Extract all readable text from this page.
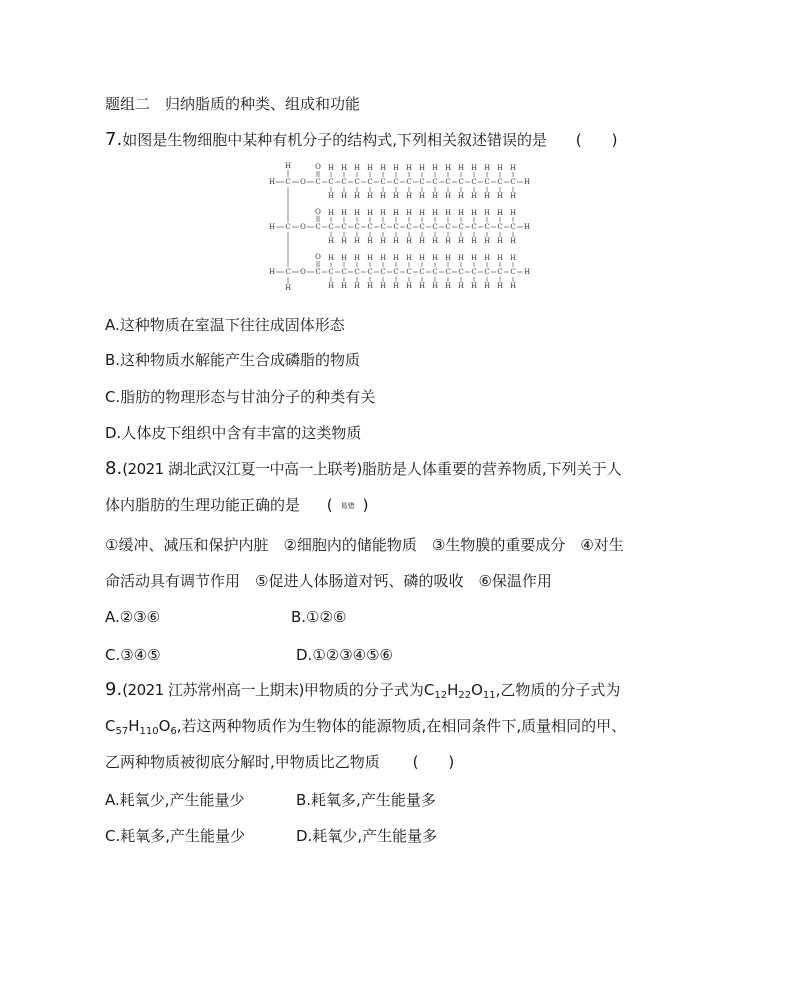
题组二　归纳脂质的种类、组成和功能
7.如图是生物细胞中某种有机分子的结构式,下列相关叙述错误的是 (　　)
H
H
H C O C
O
C
H
H
C
H
H
C
H
H
C
H
H
C
H
H
C
H
H
C
H
H
C
H
H
C
H
H
C
H
H
C
H
H
C
H
H
C
H
H
C
H
H
C
H
H
H
H C O C
O
C
H
H
C
H
H
C
H
H
C
H
H
C
H
H
C
H
H
C
H
H
C
H
H
C
H
H
C
H
H
C
H
H
C
H
H
C
H
H
C
H
H
C
H
H
H
H C O C
O
C
H
H
C
H
H
C
H
H
C
H
H
C
H
H
C
H
H
C
H
H
C
H
H
C
H
H
C
H
H
C
H
H
C
H
H
C
H
H
C
H
H
C
H
H
H
A.这种物质在室温下往往成固体形态
B.这种物质水解能产生合成磷脂的物质
C.脂肪的物理形态与甘油分子的种类有关
D.人体皮下组织中含有丰富的这类物质
8.(2021 湖北武汉江夏一中高一上联考)脂肪是人体重要的营养物质,下列关于人
体内脂肪的生理功能正确的是 ( 易错 )
①缓冲、减压和保护内脏　②细胞内的储能物质　③生物膜的重要成分　④对生
命活动具有调节作用　⑤促进人体肠道对钙、磷的吸收　⑥保温作用
A.②③⑥	B.①②⑥
C.③④⑤	D.①②③④⑤⑥
9.(2021 江苏常州高一上期末)甲物质的分子式为$C_{12}H_{22}O_{11}$,乙物质的分子式为
$C_{57}H_{110}O_6$,若这两种物质作为生物体的能源物质,在相同条件下,质量相同的甲、
乙两种物质被彻底分解时,甲物质比乙物质 (　　)
A.耗氧少,产生能量少	B.耗氧多,产生能量多
C.耗氧多,产生能量少	D.耗氧少,产生能量多
